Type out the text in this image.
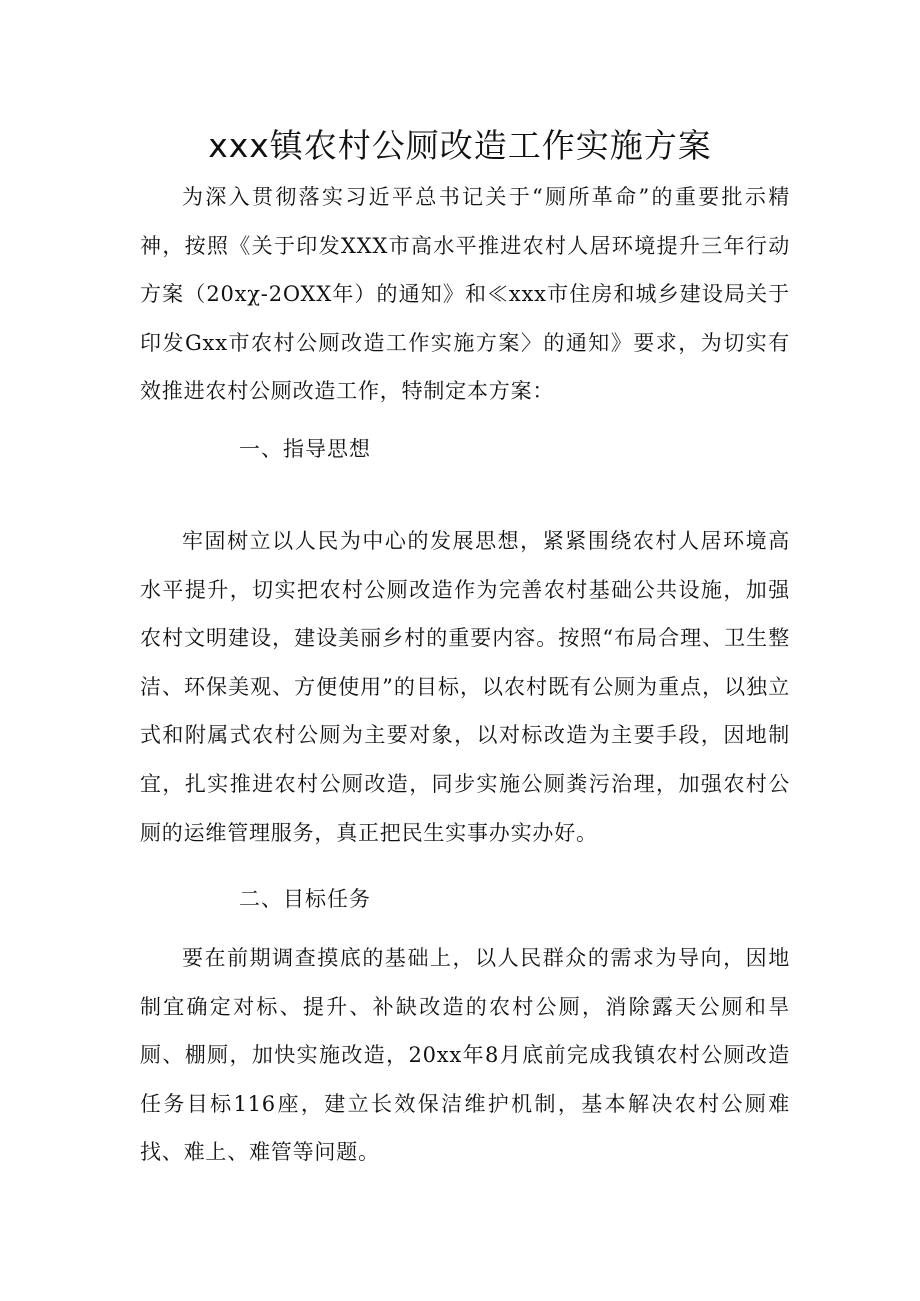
xxx镇农村公厕改造工作实施方案

为深入贯彻落实习近平总书记关于“厕所革命”的重要批示精神，按照《关于印发XXX市高水平推进农村人居环境提升三年行动方案（20xχ-2OXX年）的通知》和≪xxx市住房和城乡建设局关于印发Gxx市农村公厕改造工作实施方案〉的通知》要求，为切实有效推进农村公厕改造工作，特制定本方案：

一、指导思想

牢固树立以人民为中心的发展思想，紧紧围绕农村人居环境高水平提升，切实把农村公厕改造作为完善农村基础公共设施，加强农村文明建设，建设美丽乡村的重要内容。按照“布局合理、卫生整洁、环保美观、方便使用”的目标，以农村既有公厕为重点，以独立式和附属式农村公厕为主要对象，以对标改造为主要手段，因地制宜，扎实推进农村公厕改造，同步实施公厕粪污治理，加强农村公厕的运维管理服务，真正把民生实事办实办好。

二、目标任务

要在前期调查摸底的基础上，以人民群众的需求为导向，因地制宜确定对标、提升、补缺改造的农村公厕，消除露天公厕和旱厕、棚厕，加快实施改造，20xx年8月底前完成我镇农村公厕改造任务目标116座，建立长效保洁维护机制，基本解决农村公厕难找、难上、难管等问题。
